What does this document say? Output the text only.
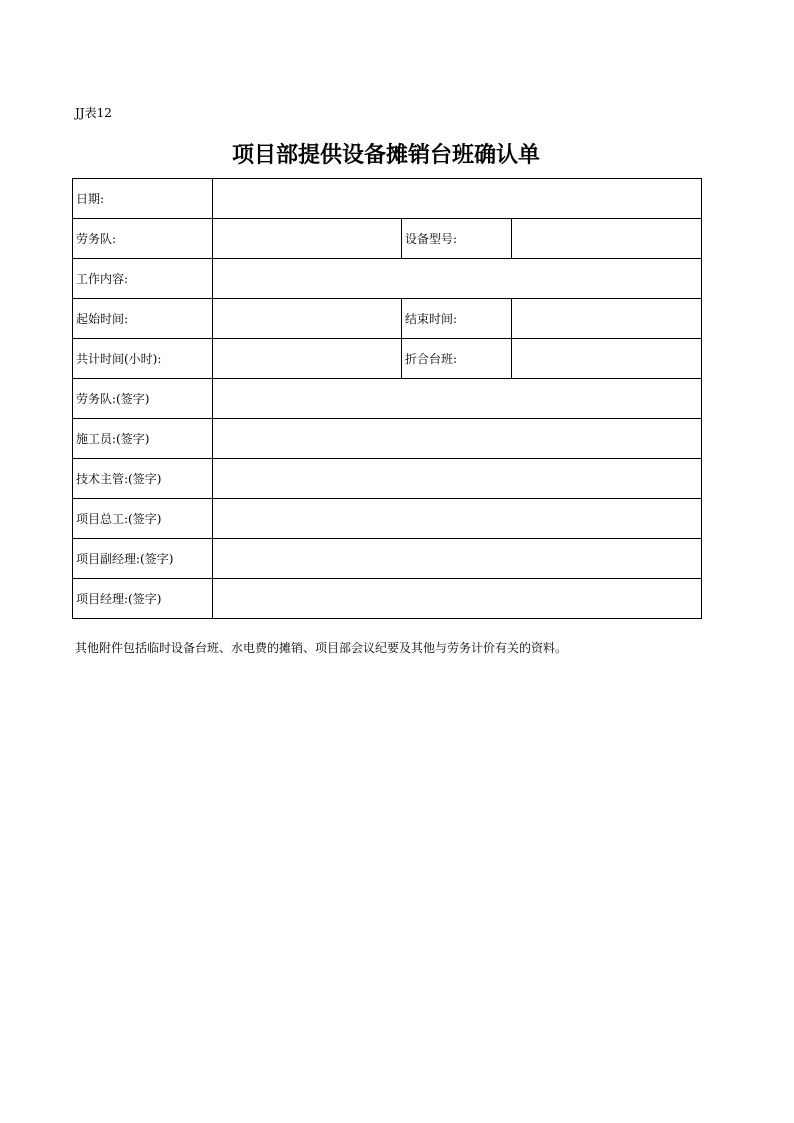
JJ表12
项目部提供设备摊销台班确认单
日期:			
劳务队:		设备型号:	
工作内容:			
起始时间:		结束时间:	
共计时间(小时):		折合台班:	
劳务队:(签字)			
施工员:(签字)			
技术主管:(签字)			
项目总工:(签字)			
项目副经理:(签字)			
项目经理:(签字)			
其他附件包括临时设备台班、水电费的摊销、项目部会议纪要及其他与劳务计价有关的资料。
